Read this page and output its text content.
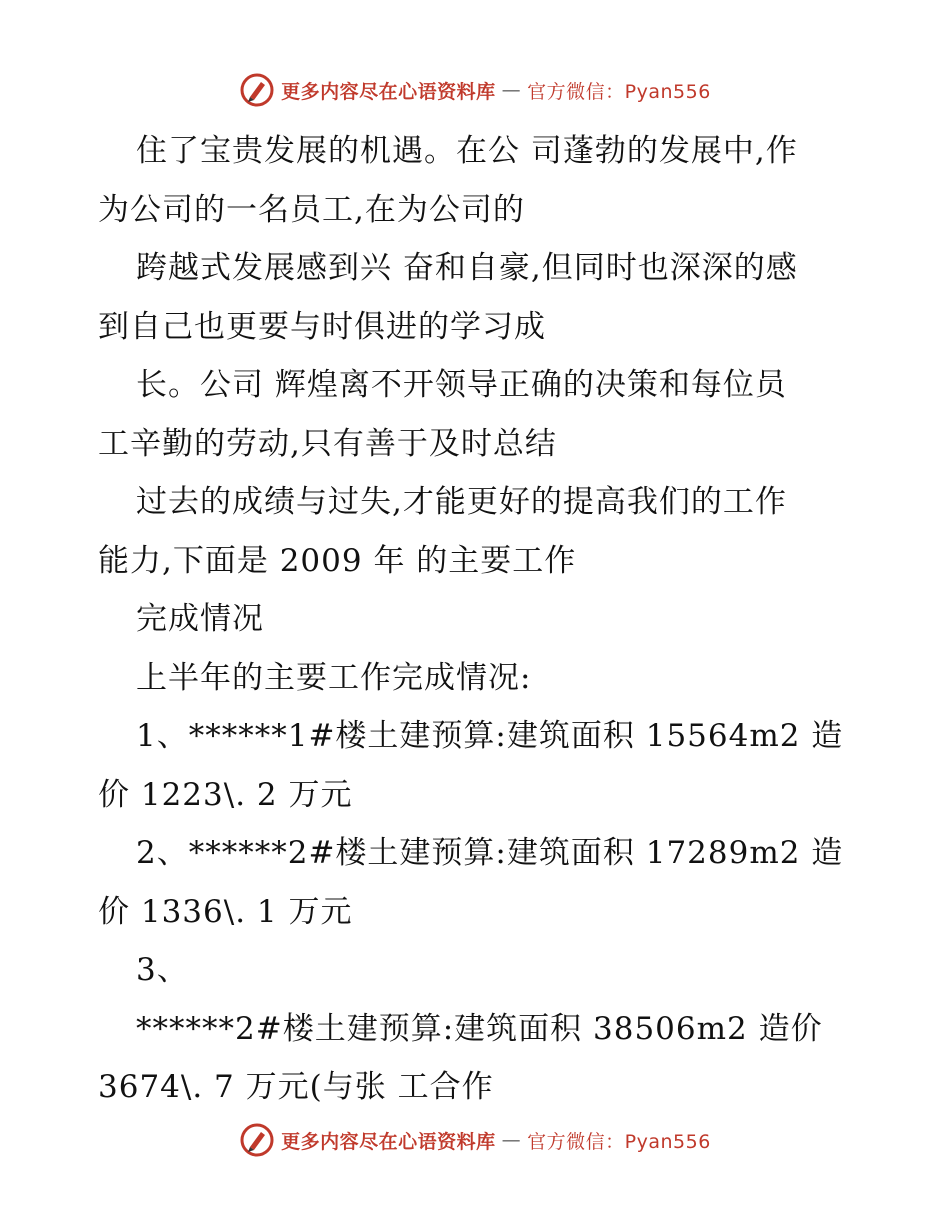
更多内容尽在心语资料库 — 官方微信：Pyan556
住了宝贵发展的机遇。在公 司蓬勃的发展中,作
为公司的一名员工,在为公司的
跨越式发展感到兴 奋和自豪,但同时也深深的感
到自己也更要与时俱进的学习成
长。公司 辉煌离不开领导正确的决策和每位员
工辛勤的劳动,只有善于及时总结
过去的成绩与过失,才能更好的提高我们的工作
能力,下面是 2009 年 的主要工作
完成情况
上半年的主要工作完成情况:
1、******1#楼土建预算:建筑面积 15564m2 造
价 1223\. 2 万元
2、******2#楼土建预算:建筑面积 17289m2 造
价 1336\. 1 万元
3、
******2#楼土建预算:建筑面积 38506m2 造价
3674\. 7 万元(与张 工合作
更多内容尽在心语资料库 — 官方微信：Pyan556
